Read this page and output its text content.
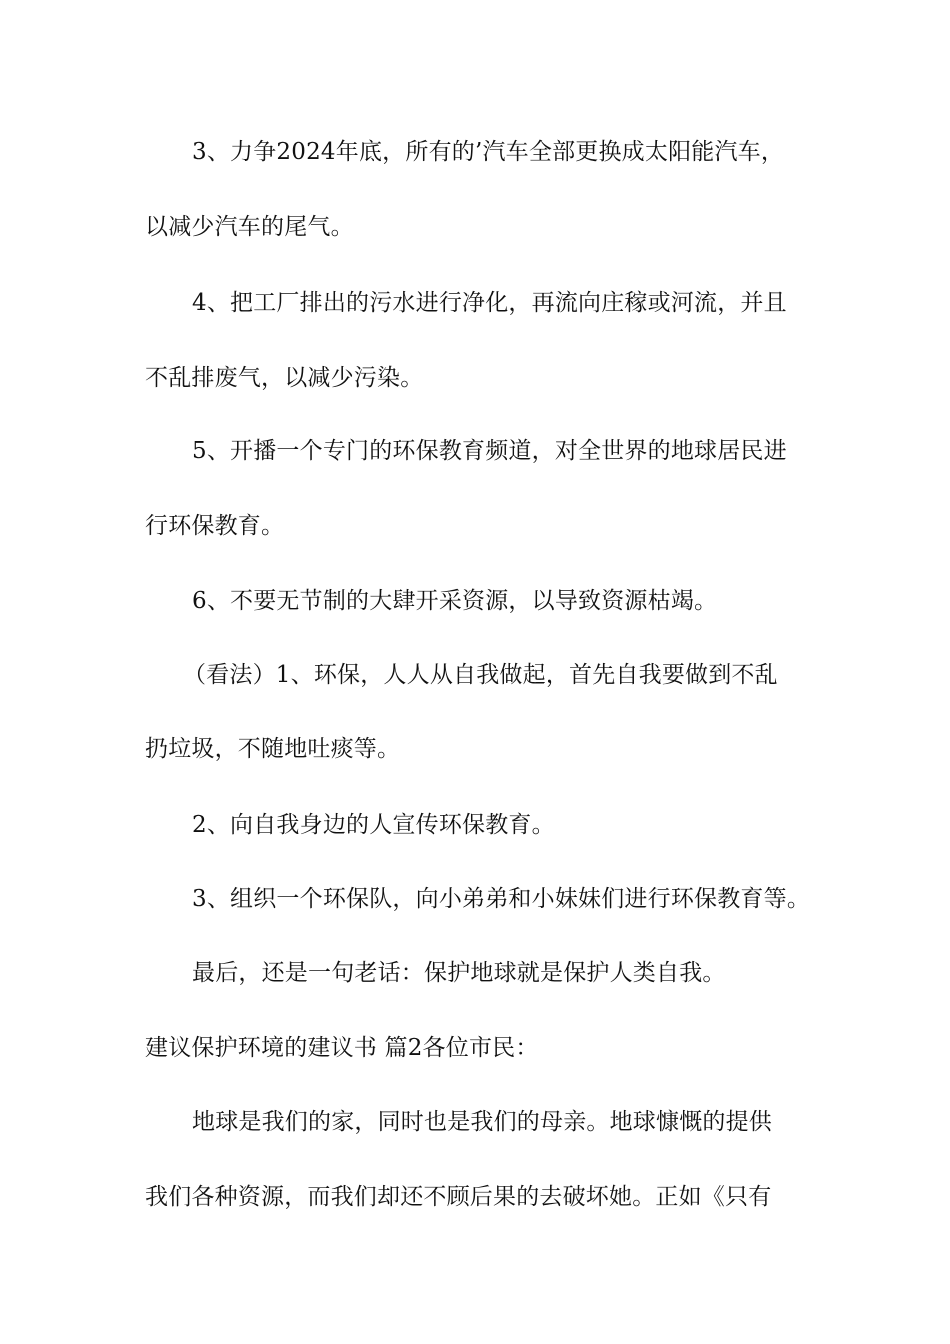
3、力争2024年底，所有的’汽车全部更换成太阳能汽车，
以减少汽车的尾气。
4、把工厂排出的污水进行净化，再流向庄稼或河流，并且
不乱排废气，以减少污染。
5、开播一个专门的环保教育频道，对全世界的地球居民进
行环保教育。
6、不要无节制的大肆开采资源，以导致资源枯竭。
（看法）1、环保，人人从自我做起，首先自我要做到不乱
扔垃圾，不随地吐痰等。
2、向自我身边的人宣传环保教育。
3、组织一个环保队，向小弟弟和小妹妹们进行环保教育等。
最后，还是一句老话：保护地球就是保护人类自我。
建议保护环境的建议书 篇2各位市民：
地球是我们的家，同时也是我们的母亲。地球慷慨的提供
我们各种资源，而我们却还不顾后果的去破坏她。正如《只有
